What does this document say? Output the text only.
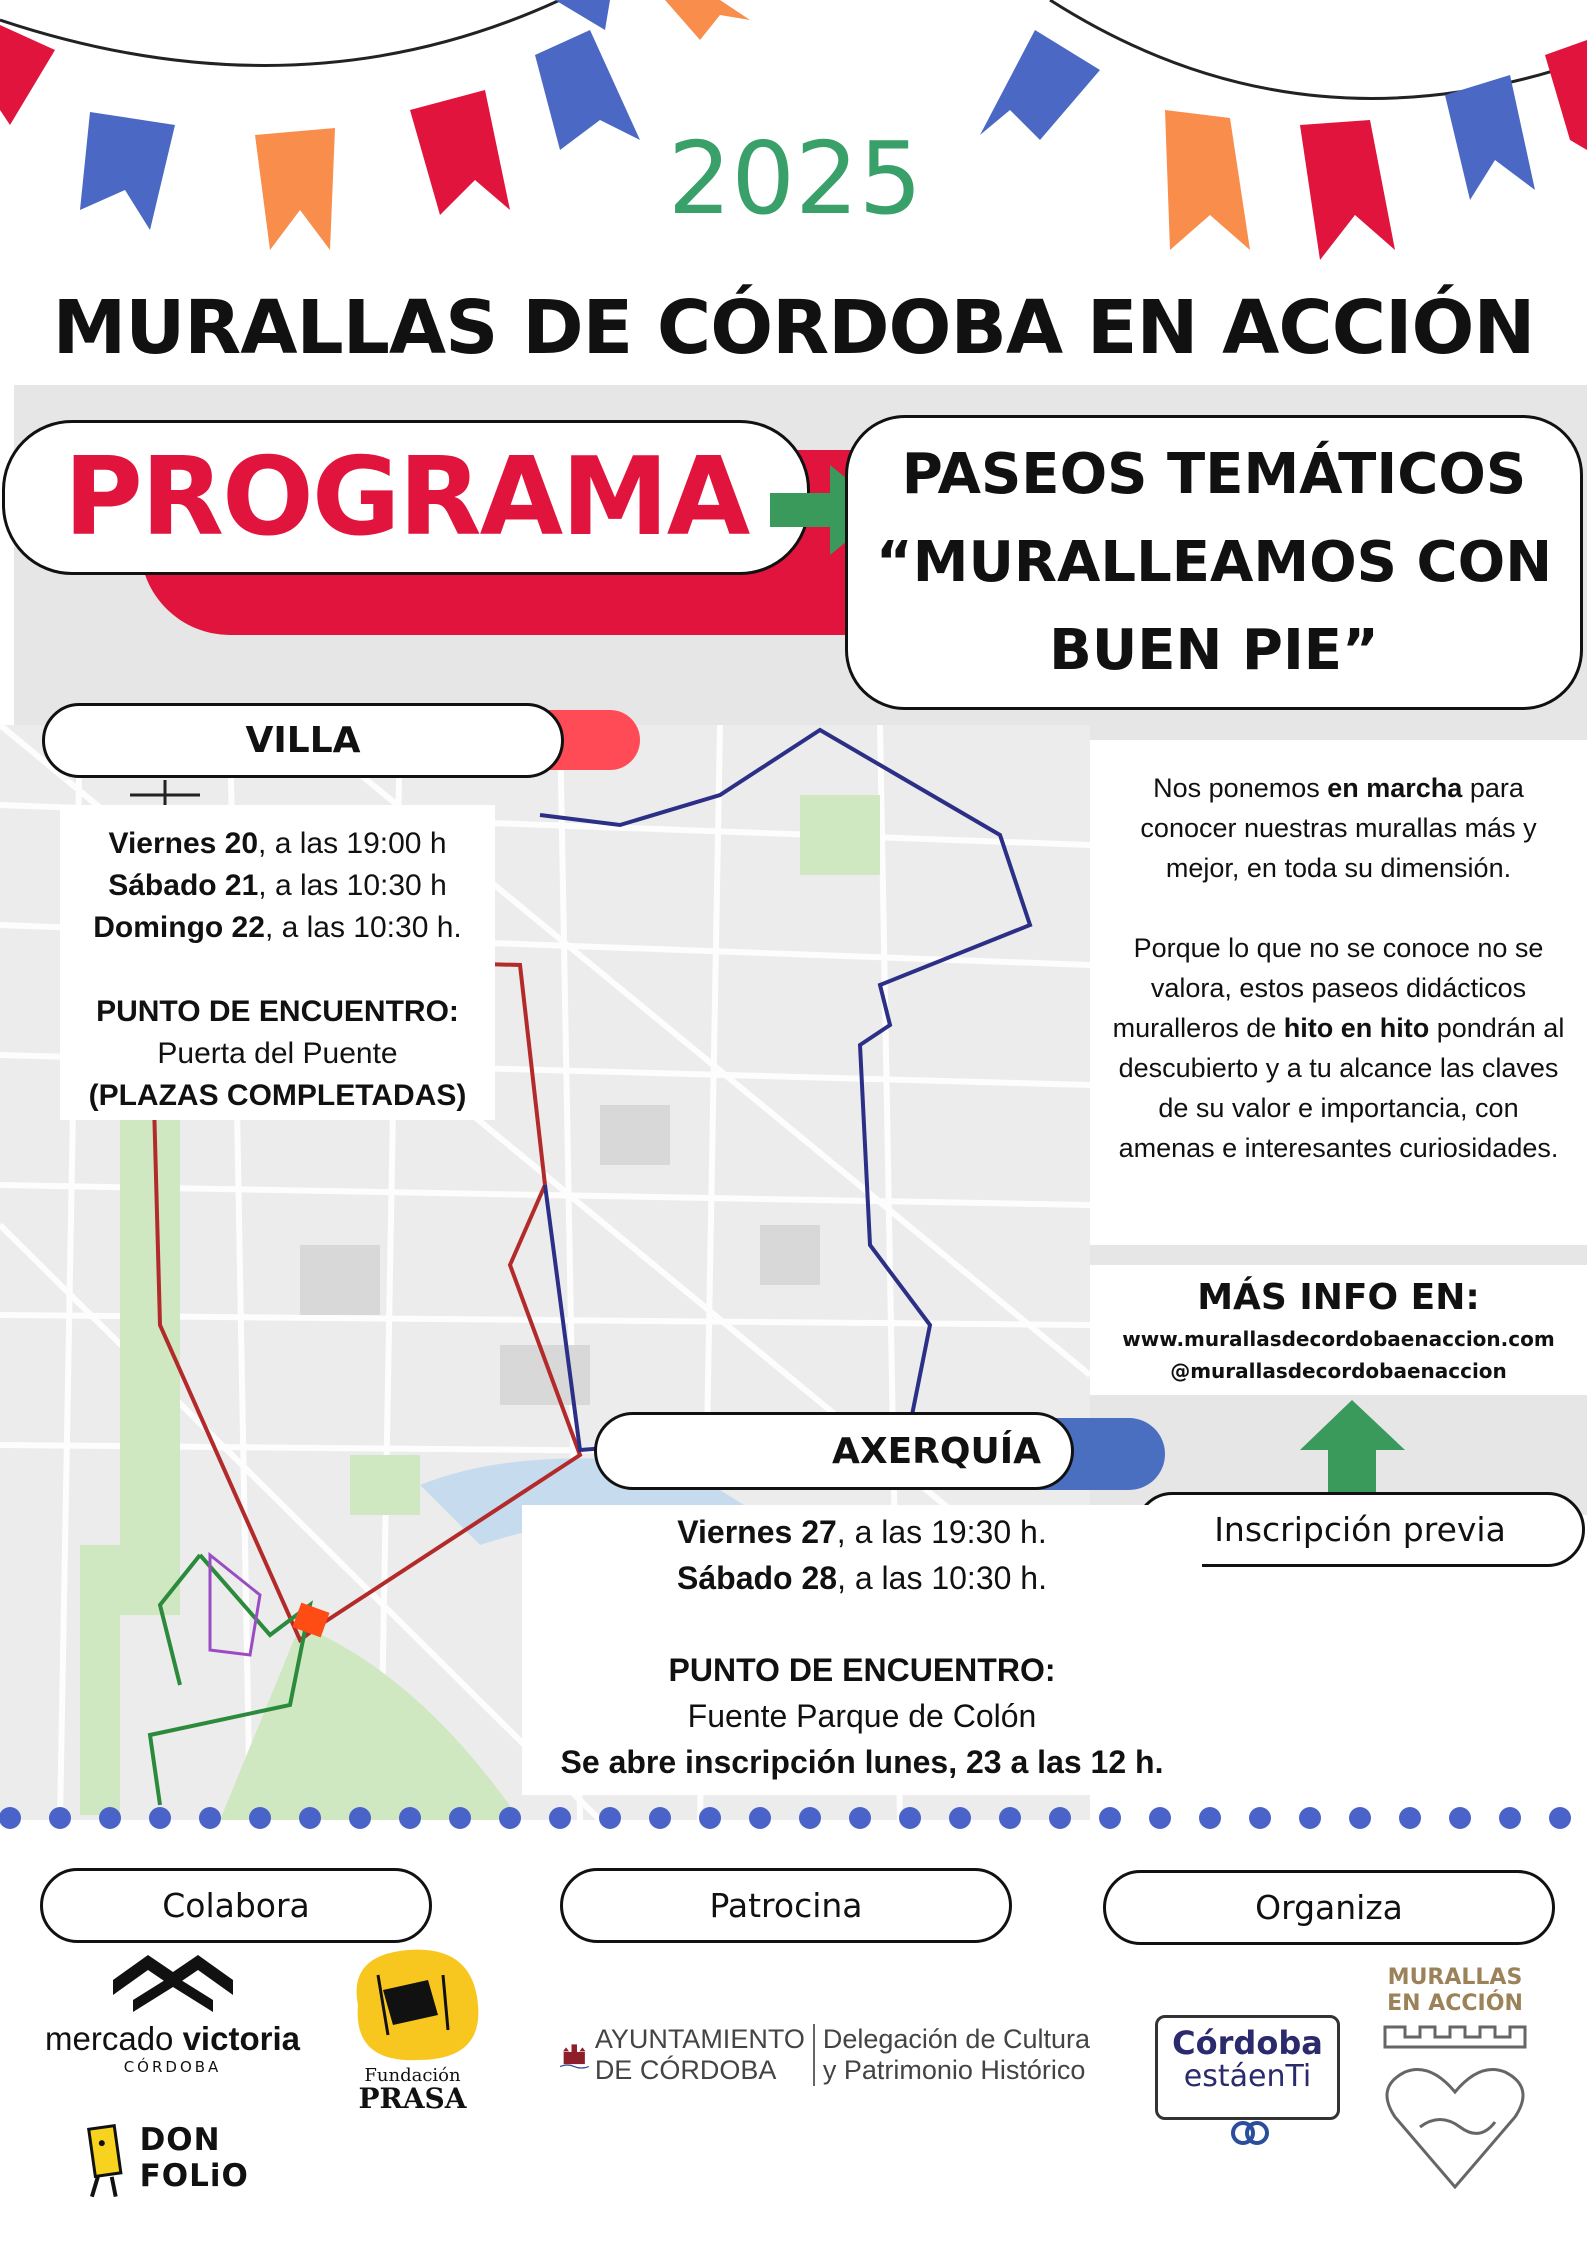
2025
MURALLAS DE CÓRDOBA EN ACCIÓN
PROGRAMA	PASEOS TEMÁTICOS
“MURALLEAMOS CON
BUEN PIE”
VILLA
Viernes 20, a las 19:00 h
Sábado 21, a las 10:30 h
Domingo 22, a las 10:30 h.
PUNTO DE ENCUENTRO:
Puerta del Puente
(PLAZAS COMPLETADAS)

Nos ponemos en marcha para conocer nuestras murallas más y mejor, en toda su dimensión.

Porque lo que no se conoce no se valora, estos paseos didácticos muralleros de hito en hito pondrán al descubierto y a tu alcance las claves de su valor e importancia, con amenas e interesantes curiosidades.

MÁS INFO EN:
www.murallasdecordobaenaccion.com
@murallasdecordobaenaccion
Inscripción previa
AXERQUÍA
Viernes 27, a las 19:30 h.
Sábado 28, a las 10:30 h.
PUNTO DE ENCUENTRO:
Fuente Parque de Colón
Se abre inscripción lunes, 23 a las 12 h.
Colabora	Patrocina	Organiza
mercado victoria
CÓRDOBA	Fundación
PRASA
DON FOLiO
AYUNTAMIENTO
DE CÓRDOBA
Delegación de Cultura
y Patrimonio Histórico
Córdoba
estáenTi
MURALLAS
EN ACCIÓN
